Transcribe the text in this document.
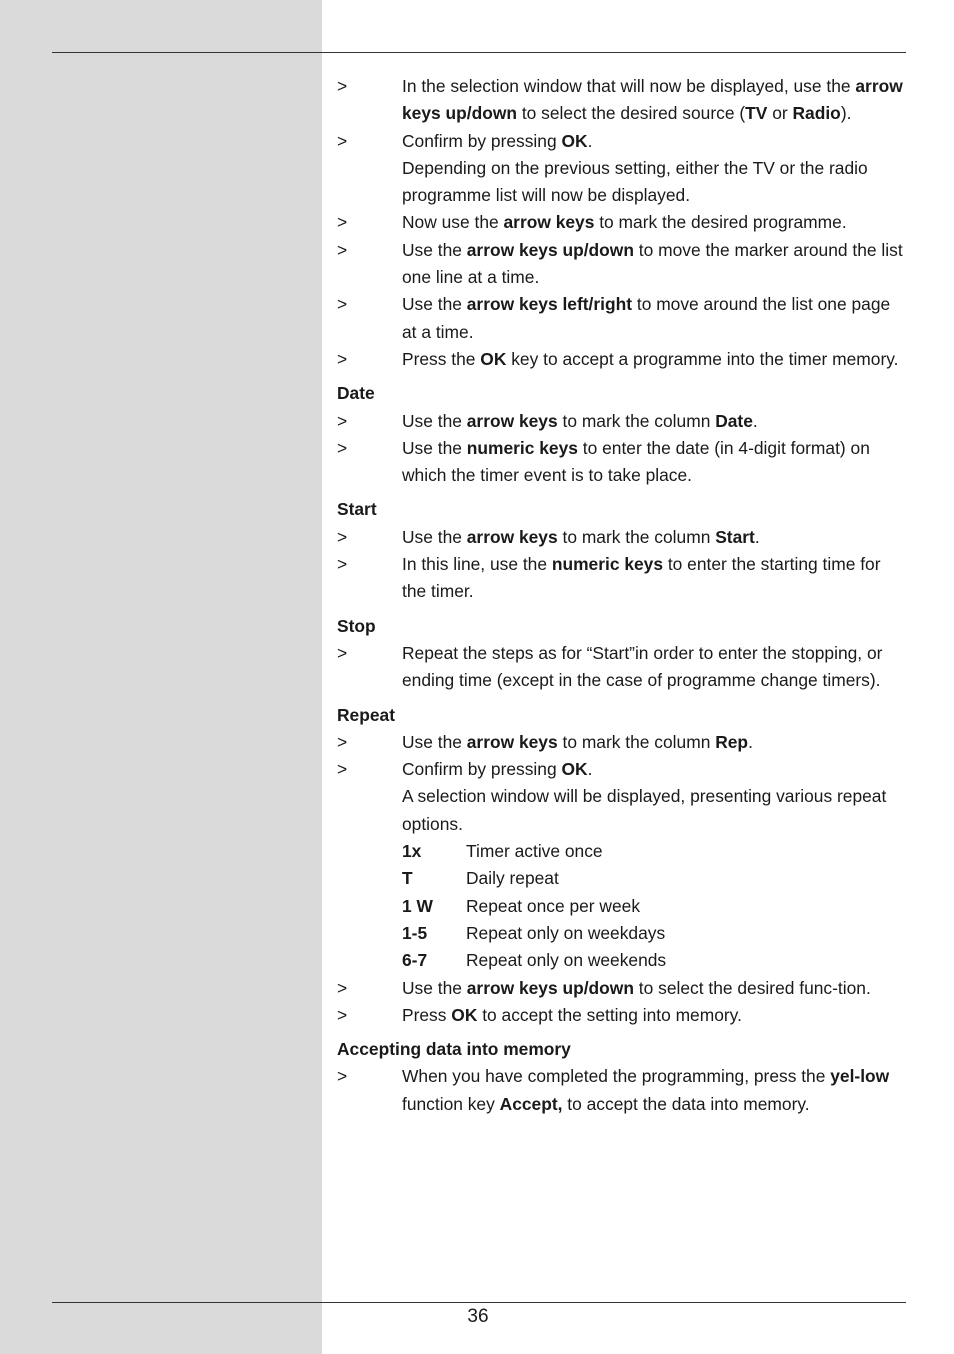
>	In the selection window that will now be displayed, use the arrow keys up/down to select the desired source (TV or Radio).
>	Confirm by pressing OK.
Depending on the previous setting, either the TV or the radio programme list will now be displayed.
>	Now use the arrow keys to mark the desired programme.
>	Use the arrow keys up/down to move the marker around the list one line at a time.
>	Use the arrow keys left/right to move around the list one page at a time.
>	Press the OK key to accept a programme into the timer memory.
Date
>	Use the arrow keys to mark the column Date.
>	Use the numeric keys to enter the date (in 4-digit format) on which the timer event is to take place.
Start
>	Use the arrow keys to mark the column Start.
>	In this line, use the numeric keys to enter the starting time for the timer.
Stop
>	Repeat the steps as for “Start”in order to enter the stopping, or ending time (except in the case of programme change timers).
Repeat
>	Use the arrow keys to mark the column Rep.
>	Confirm by pressing OK.
A selection window will be displayed, presenting various repeat options.
1x	Timer active once
T	Daily repeat
1 W Repeat once per week
1-5 Repeat only on weekdays
6-7 Repeat only on weekends
>	Use the arrow keys up/down to select the desired func-tion.
>	Press OK to accept the setting into memory.
Accepting data into memory
>	When you have completed the programming, press the yel-low function key Accept, to accept the data into memory.
36
